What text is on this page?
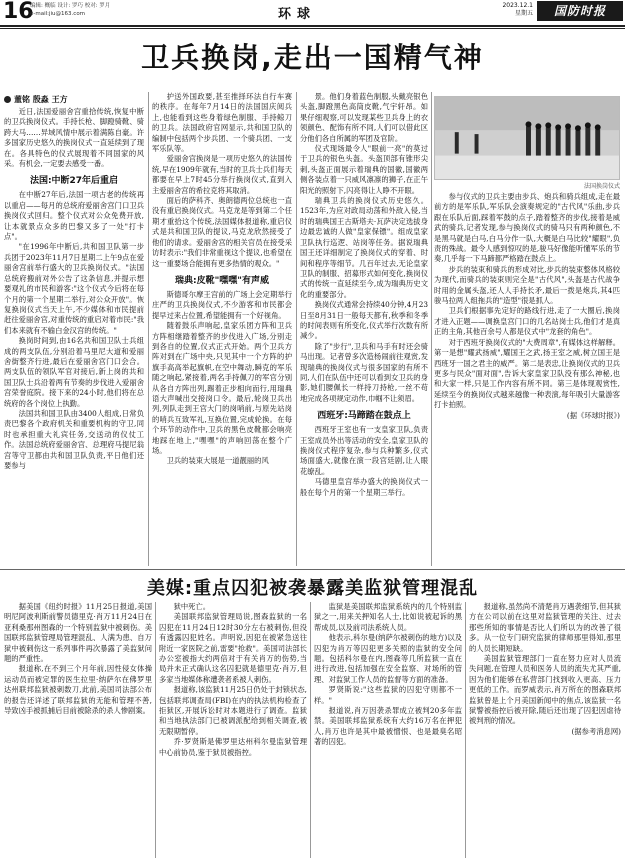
16
编辑: 概临 设计: 罗巧 校对: 罗月
e-mail:jiu@163.com	环球
2023.12.1
星期五	国防时报
卫兵换岗,走出一国精气神

董铭 殷淼 王方

近日,法国爱丽舍宫重拾传统,恢复中断的卫兵换岗仪式。手持长枪、脚蹬骑靴、骑跨大马……异域风情中展示着满陈自豪。许多国家历史悠久的换岗仪式一直延续到了现在。各具特色的仪式展现着不同国家的风采。有机会,一定要去感受一番。

法国:中断27年后重启

在中断27年后,法国一项古老的传统再以重启——每月的总统府爱丽舍宫门口卫兵换岗仪式回归。整个仪式对公众免费开放,让本就景点众多的巴黎又多了一处"打卡点"。

"在1996年中断后,共和国卫队第一步兵团于2023年11月7日星期二上午9点在爱丽舍宫前举行盛大的卫兵换岗仪式。"法国总统府搬前对外公告了这条信息,并提示想要观礼的市民和游客:"这个仪式今后将在每个月的第一个星期二举行,对公众开放"。恢复换岗仪式当天上午,不少媒体和市民提前赶往爱丽舍宫,对重传统的重启对着市民:"我们本来就有不输白金汉宫的传统。"

换岗时间到,由16名共和国卫队士兵组成的两支队伍,分别沿着马里尼大道和爱丽舍街整齐行进,最后在爱丽舍宫门口会合。两支队伍的领队军官对接后,新上岗的共和国卫队士兵沿着两有节奏的步伐进入爱丽舍宫荣誉庭院。接下来的24小时,他们将在总统府的各个岗位上执勤。

法国共和国卫队由3400人组成,日常负责巴黎各个政府机关和重要机构的守卫,同时也承担重大礼宾任务,交送动的仪仗工作。法国总统府爱丽舍宫、总理府马提尼翁宫等守卫都由共和国卫队负责,平日他们还要参与

护送外国政要,甚至推择环法自行车赛的秩序。在每年7月14日的法国国庆阅兵上,也能看到这些身着绿色制服、手持鲸刀的卫兵。法国政府官网显示,共和国卫队的编制中包括两个步兵团、一个骑兵团、一支军乐队等。

爱丽舍宫换岗是一项历史悠久的法国传统,早在1909年就有,当时的卫兵士兵们每天都要在早上7时45分举行换岗仪式,直到入主爱丽舍宫的希拉克将其取消。

面后的萨科齐、奥朗德两位总统也一直没有重启换岗仪式。马克龙是等到第二个任期才重拾这个传统,法国媒体报道称,重启仪式是共和国卫队的提议,马克龙欣然接受了他们的请求。爱丽舍宫的相关官员在接受采访时表示:"我们非常重视这个提议,也希望在这一重要场合能拥有更多热情的观众。"

瑞典:皮靴"嘿嘿"有声威

斯德哥尔摩王宫前的广场上会定期举行庄严的卫兵换岗仪式,不少游客和市民都会提早过来占位置,希望能拥有一个好视角。

随着鼓乐声响起,皇家乐团方阵和卫兵方阵相继踏着整齐的步伐进入广场,分别走到各自的位置,仪式正式开始。两个卫兵方阵对到在广场中央,只见其中一个方阵的护旗手高高举起旗帜,在空中舞动,瞬克的军乐随之响起,紧接着,两名手持佩刀的军官分别从各自方阵出列,踢着正步相向而行,用瑞典语大声喊出交接岗口令。最后,轮岗卫兵出列,列队走到王宫大门的岗哨前,与原先站岗的哨兵互致军礼,互换位置,完成轮换。在每个环节的动作中,卫兵的黑色皮靴都会响亮地踩在地上,"嘿嘿"的声响回荡在整个广场。

卫兵的装束大展是一道靓丽的风

景。他们身着蓝色制服,头戴亮银色头盔,脚蹬黑色高筒皮靴,气宇轩昂。如果仔细观察,可以发现某些卫兵身上的衣领颜色、配饰有所不同,人们可以借此区分他们各自所属的军团及官阶。

仪式现场最令人"眼前一亮"的莫过于卫兵的银色头盔。头盔顶部有锥形尖刺,头盔正面展示着瑞典的国徽,国徽两侧各装点着一只威风凛凛的狮子,在正午阳光的照射下,闪亮得让人睁不开眼。

瑞典卫兵的换岗仪式历史悠久。1523年,为应对政局动荡和外敌入侵,当时的瑞典国王古斯塔夫·瓦萨决定选拔身边最忠诚的人做"皇家保镖"。组成皇家卫队执行巡逻、站岗等任务。据说瑞典国王还详细制定了换岗仪式的穿着、时间和程序等细节。几百年过去,无论皇家卫队的制服、招募形式如何变化,换岗仪式的传统一直延续至今,成为瑞典历史文化的重要部分。

换岗仪式通常会持续40分钟,4月23日至8月31日一般每天都有,秋季和冬季的时间表则有所变化,仪式举行次数有所减少。

除了"步行",卫兵和马手有时还会骑马出现。记者曾多次造杨闹前往观赏,发现瑞典的换岗仪式与很多国家的有所不同,人们在队伍中还可以看到女卫兵的身影,她们腰佩长一样持刀持枪,一丝不苟地完成各项规定动作,巾帼不让须眉。

西班牙:马蹄踏在鼓点上

西班牙王室也有一支皇家卫队,负责王室成员外出等活动的安全,皇家卫队的换岗仪式程序复杂,参与兵种繁多,仪式场面盛大,就像在演一段宫廷剧,让人眼花缭乱。

马德里皇宫举办盛大的换岗仪式一般在每个月的第一个星期三举行。

法国换岗仪式

参与仪式的卫兵主要由步兵、炮兵和骑兵组成,走在最前方的是军乐队,军乐队会演奏规定的"古代风"乐曲,步兵跟在乐队后面,踩着军鼓的点子,踏着整齐的步伐,接着是威武的骑兵,记者发现,参与换岗仪式的骑马只有两种颜色,不是黑马就是白马,白马分作一队,大概是白马比较"耀眼",负责的殊战。最令人感到惊叹的是,骏马好像能听懂军乐的节奏,几乎每一下马蹄都严格踏在鼓点上。

步兵的装束和骑兵的形成对比,步兵的装束整体风格较为现代,而骑兵的装束则完全是"古代风",头盔是古代战争时用的金属头盔,还人人手持长矛,最后一拨是炮兵,其4匹骏马拉两人组拖兵的"造型"很是抓人。

卫兵们根据事先定好的路线行进,走了一大圈后,换岗才进入正题——调换皇宫门口的几名站岗士兵,他们才是真正的主角,其他百余号人都是仪式中"龙套的角色"。

对于西班牙换岗仪式的"大费周章",有媒体这样解释。第一是想"耀武扬威",耀国王之武,扬王室之威,树立国王是西班牙一国之君主的威严。第二是表忠,让换岗仪式的卫兵更多与民众"面对面",告诉大家皇家卫队没有那么神秘,也和大家一样,只是工作内容有所不同。第三是体现观赏性,延续至今的换岗仪式越来越像一种表演,每年吸引大量游客打卡拍照。

(据《环球时报》)

美媒:重点囚犯被袭暴露美监狱管理混乱

据美国《纽约时报》11月25日报道,美国明尼阿波利斯前警员德里克·肖万11月24日在亚利桑那州图森的一个特别监狱中被刺伤。美国联邦监狱管理局管理混乱、人满为患、自万狱中被刺伤这一系列事件再次暴露了美监狱问题的严重性。

报道称,在不到三个月年前,因性侵女体操运动员而被定罪的医生拉里·纳萨尔在佛罗里达州联邦监狱被刺数刀,此前,美国司法部公布的报告还详述了联邦监狱的无能和管理不善,导致凶手被抓捕后目前被除杀的杀人惨剧案。

狱中死亡。

美国联邦监狱管理局说,图森监狱的一名囚犯在11月24日12时30分左右被刺伤,但没有透露囚犯姓名。声明说,因犯在被紧急送往附近一家医院之前,雷要"抢救"。美国司法部长办公室被指大约两倍对于有关肖万的伤势,当局并未正式确认这名囚犯就是德里克·肖万,但多家当地媒体称遭袭者系被人刺伤。

报道称,该监狱11月25日仍处于封锁状态,包括联邦调查局(FBI)在内的执法机构检查了拒狱区,开展诉讼时对本题进行了调查。监狱和当地执法部门已被调派配给到相关调查,被无限期暂停。

乔·罗贤斯是佛罗里达州科尔曼监狱管理中心前协员,鉴于狱员被指控。

监狱是美国联邦监狱系统内的几个特别监狱之一,用来关押知名人士,比如说被起诉的黑帮成员,以及前司法系统人员。

他表示,科尔曼(纳萨尔被刺伤的地方)以及囚犯为肖万等囚犯更多关照的监狱的安全问题。包括科尔曼在内,图森等几所监狱一直在进行改进,包括加强在安全监察、对场所的管理、对监狱工作人员的监督等方面的准备。

罗贤斯说:"这些监狱的囚犯守则都不一样。"

报道说,肖万因袭杀罪成立被判20多年监禁。美国联邦监狱系统有大约16万名在押犯人,肖万也许是其中最被憎恨、也是最臭名昭著的囚犯。

报道称,虽然尚不清楚肖万遇袭细节,但其狱方在公司以前在这里对监狱管理的关注、过去那些所知的事情是否比人们所以为的改善了很多。从一位专门研究监狱的律师那里得知,那里的人员长期短缺。

美国监狱管理部门一直在努力应对人员流失问题,在管理人员和医务人员的流失尤其严重,因为他们能够在私营部门找到收入更高、压力更低的工作。而罗威表示,肖万所在的图森联邦监狱曾是上个月美国新闻中的焦点,该监狱一名狱警被指控后被开除,随后还出现了囚犯因虐待被判刑的情况。

(据参考消息网)
